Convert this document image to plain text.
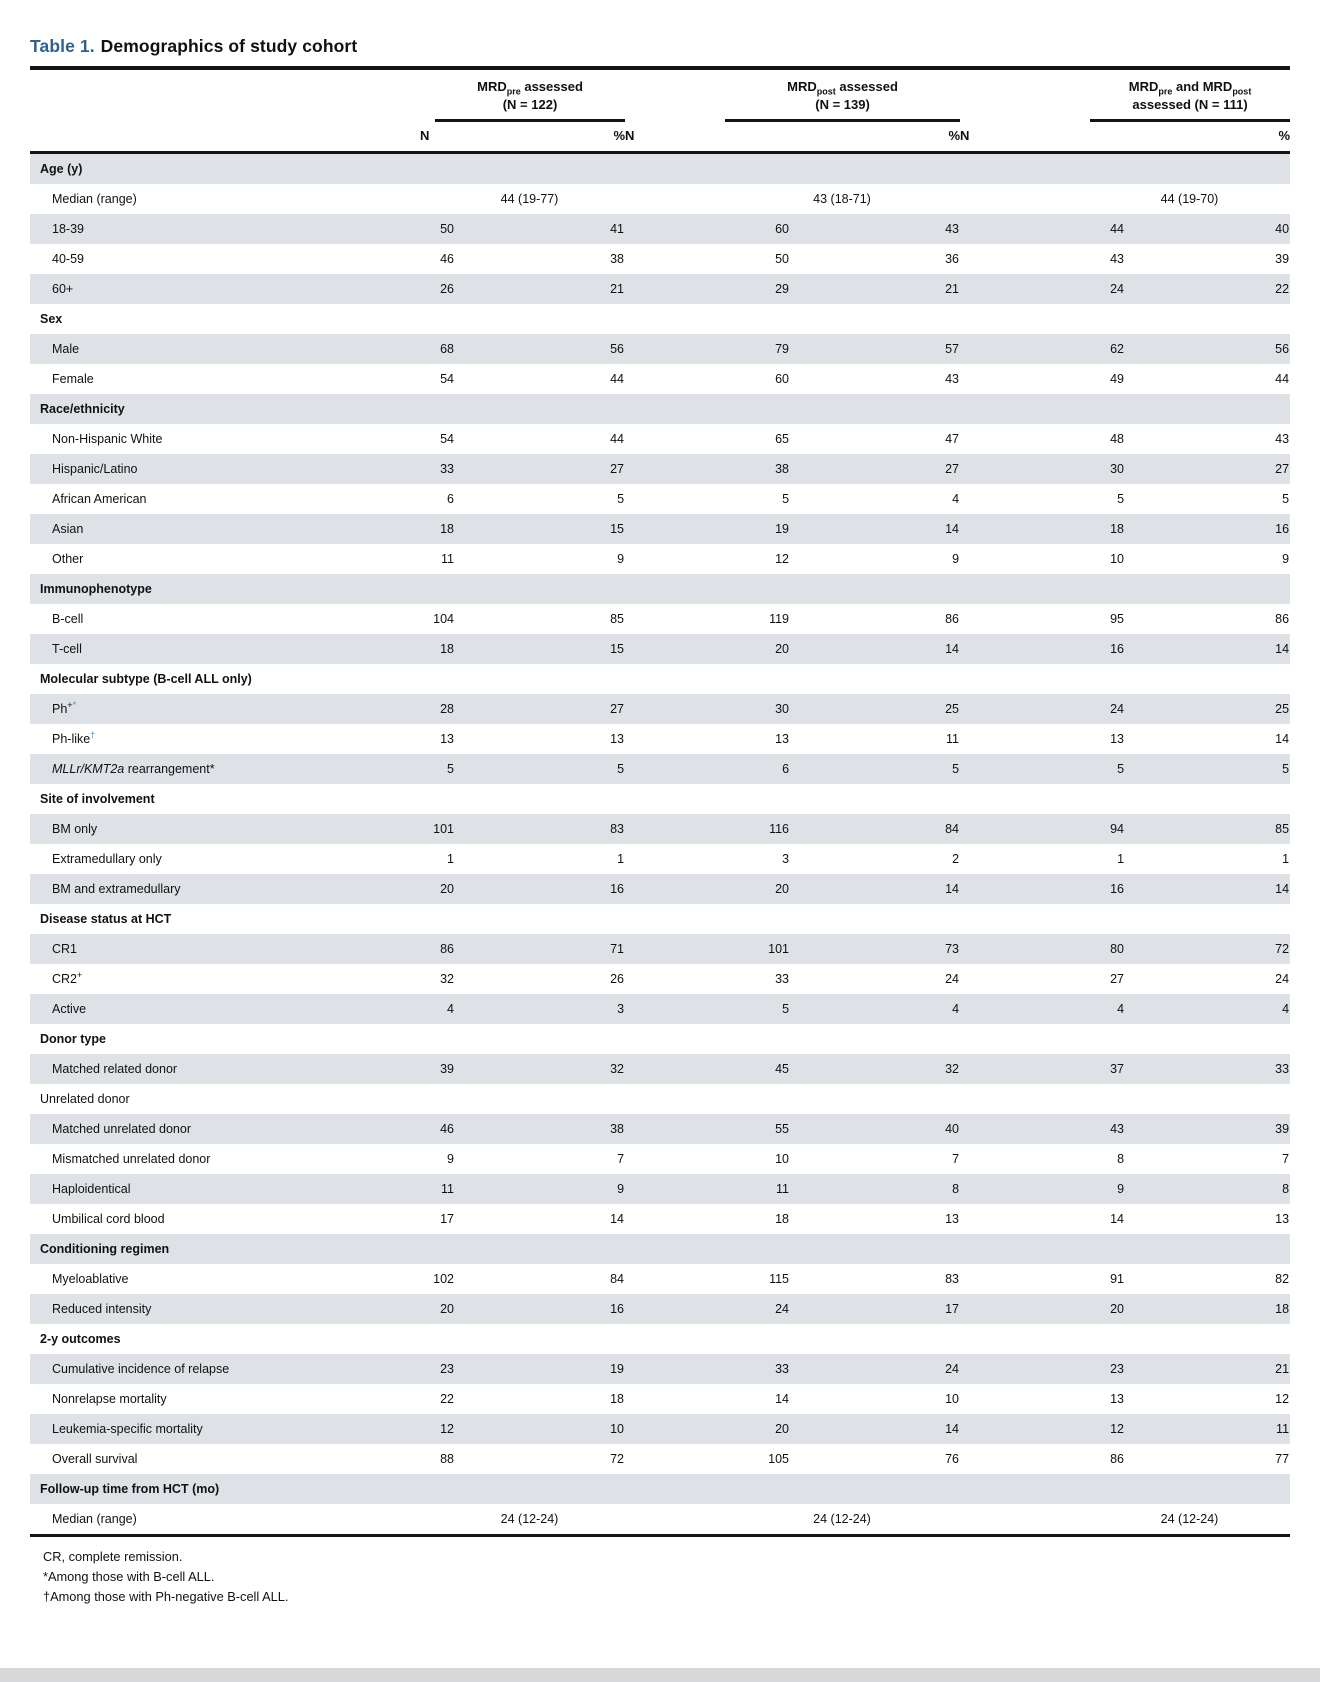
Table 1. Demographics of study cohort

	$MRD_{pre}$ assessed
(N = 122)		$MRD_{post}$ assessed
(N = 139)		$MRD_{pre}$ and $MRD_{post}$
assessed (N = 111)	

	N	%	N	%	N	%
Age (y)						
Median (range)	44 (19-77)		43 (18-71)		44 (19-70)	
18-39	50	41	60	43	44	40
40-59	46	38	50	36	43	39
60+	26	21	29	21	24	22
Sex						
Male	68	56	79	57	62	56
Female	54	44	60	43	49	44
Race/ethnicity						
Non-Hispanic White	54	44	65	47	48	43
Hispanic/Latino	33	27	38	27	30	27
African American	6	5	5	4	5	5
Asian	18	15	19	14	18	16
Other	11	9	12	9	10	9
Immunophenotype						
B-cell	104	85	119	86	95	86
T-cell	18	15	20	14	16	14
Molecular subtype (B-cell ALL only)						
Ph+*	28	27	30	25	24	25
Ph-like†	13	13	13	11	13	14
MLLr/KMT2a rearrangement*	5	5	6	5	5	5
Site of involvement						
BM only	101	83	116	84	94	85
Extramedullary only	1	1	3	2	1	1
BM and extramedullary	20	16	20	14	16	14
Disease status at HCT						
CR1	86	71	101	73	80	72
CR2+	32	26	33	24	27	24
Active	4	3	5	4	4	4
Donor type						
Matched related donor	39	32	45	32	37	33
Unrelated donor						
Matched unrelated donor	46	38	55	40	43	39
Mismatched unrelated donor	9	7	10	7	8	7
Haploidentical	11	9	11	8	9	8
Umbilical cord blood	17	14	18	13	14	13
Conditioning regimen						
Myeloablative	102	84	115	83	91	82
Reduced intensity	20	16	24	17	20	18
2-y outcomes						
Cumulative incidence of relapse	23	19	33	24	23	21
Nonrelapse mortality	22	18	14	10	13	12
Leukemia-specific mortality	12	10	20	14	12	11
Overall survival	88	72	105	76	86	77
Follow-up time from HCT (mo)						
Median (range)	24 (12-24)		24 (12-24)		24 (12-24)	
CR, complete remission.
*Among those with B-cell ALL.
†Among those with Ph-negative B-cell ALL.
